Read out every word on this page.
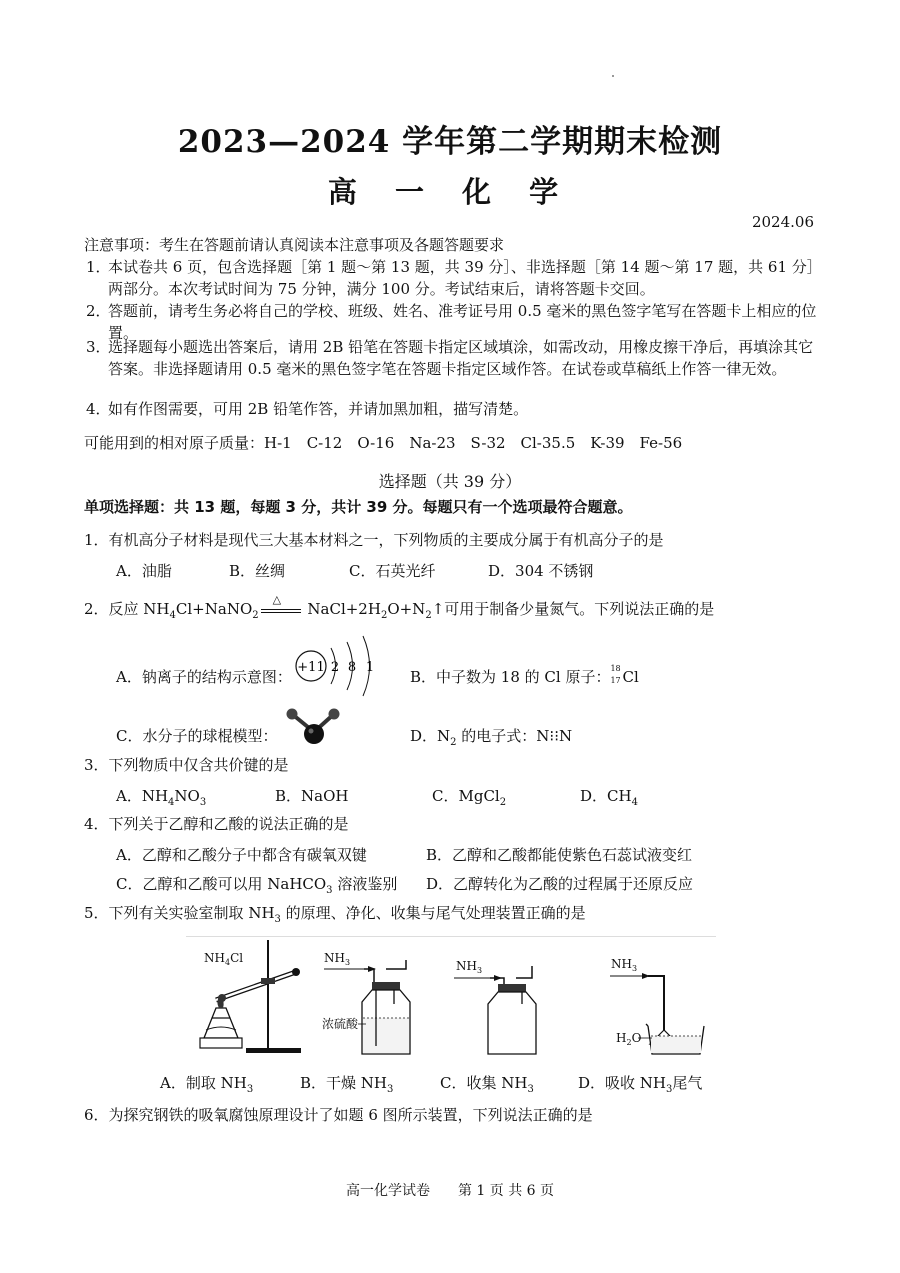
2023—2024 学年第二学期期末检测
高 一 化 学
2024.06
注意事项：考生在答题前请认真阅读本注意事项及各题答题要求
1．
本试卷共 6 页，包含选择题［第 1 题～第 13 题，共 39 分］、非选择题［第 14 题～第 17 题，共 61 分］两部分。本次考试时间为 75 分钟，满分 100 分。考试结束后，请将答题卡交回。
2．
答题前，请考生务必将自己的学校、班级、姓名、准考证号用 0.5 毫米的黑色签字笔写在答题卡上相应的位置。
3．
选择题每小题选出答案后，请用 2B 铅笔在答题卡指定区域填涂，如需改动，用橡皮擦干净后，再填涂其它答案。非选择题请用 0.5 毫米的黑色签字笔在答题卡指定区域作答。在试卷或草稿纸上作答一律无效。
4．
如有作图需要，可用 2B 铅笔作答，并请加黑加粗，描写清楚。
可能用到的相对原子质量：H-1　C-12　O-16　Na-23　S-32　Cl-35.5　K-39　Fe-56
选择题（共 39 分）
单项选择题：共 13 题，每题 3 分，共计 39 分。每题只有一个选项最符合题意。
1．有机高分子材料是现代三大基本材料之一，下列物质的主要成分属于有机高分子的是
A．油脂	B．丝绸	C．石英光纤	D．304 不锈钢
2．反应 $NH_4Cl+NaNO_2$
△
$NaCl+2H_2O+N_2↑$可用于制备少量氮气。下列说法正确的是
A．钠离子的结构示意图：
+11 2 8 1
B．中子数为 18 的 Cl 原子： 18
17 Cl
C．水分子的球棍模型：	D．$N_2$ 的电子式：N⁝⁝N
3．下列物质中仅含共价键的是
A．$NH_4NO_3$	B．NaOH	C．MgCl$_2$	D．$CH_4$
4．下列关于乙醇和乙酸的说法正确的是
A．乙醇和乙酸分子中都含有碳氧双键	B．乙醇和乙酸都能使紫色石蕊试液变红
C．乙醇和乙酸可以用 NaHCO$_3$ 溶液鉴别 D．乙醇转化为乙酸的过程属于还原反应
5．下列有关实验室制取 $NH_3$ 的原理、净化、收集与尾气处理装置正确的是
$NH_4Cl$	$NH_3$
浓硫酸
$NH_3$	$NH_3$
$H_2O$
A．制取 $NH_3$	B．干燥 $NH_3$	C．收集 $NH_3$	D．吸收 $NH_3$尾气
6．为探究钢铁的吸氧腐蚀原理设计了如题 6 图所示装置，下列说法正确的是
高一化学试卷　　第 1 页 共 6 页
